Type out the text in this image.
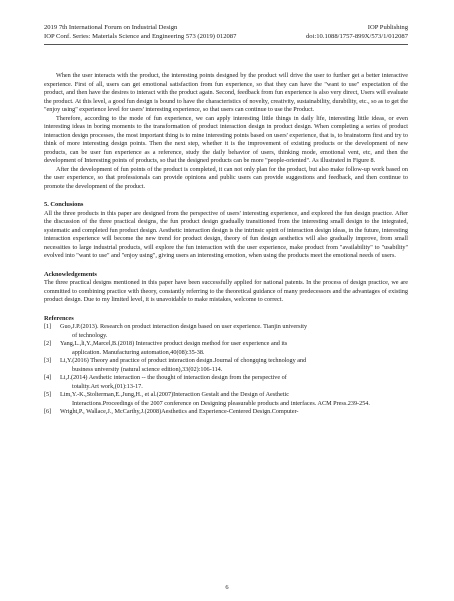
2019 7th International Forum on Industrial Design	IOP Publishing
IOP Conf. Series: Materials Science and Engineering 573 (2019) 012087	doi:10.1088/1757-899X/573/1/012087

When the user interacts with the product, the interesting points designed by the product will drive the user to further get a better interactive experience. First of all, users can get emotional satisfaction from fun experience, so that they can have the "want to use" expectation of the product, and then have the desires to interact with the product again. Second, feedback from fun experience is also very direct, Users will evaluate the product. At this level, a good fun design is bound to have the characteristics of novelty, creativity, sustainability, durability, etc., so as to get the "enjoy using" experience level for users' interesting experience, so that users can continue to use the Product.

Therefore, according to the mode of fun experience, we can apply interesting little things in daily life, interesting little ideas, or even interesting ideas in boring moments to the transformation of product interaction design in product design. When completing a series of product interaction design processes, the most important thing is to mine interesting points based on users' experience, that is, to brainstorm first and try to think of more interesting design points. Then the next step, whether it is the improvement of existing products or the development of new products, can be user fun experience as a reference, study the daily behavior of users, thinking mode, emotional vent, etc, and then the development of Interesting points of products, so that the designed products can be more "people-oriented". As illustrated in Figure 8.

After the development of fun points of the product is completed, it can not only plan for the product, but also make follow-up work based on the user experience, so that professionals can provide opinions and public users can provide suggestions and feedback, and then continue to promote the development of the product.

5. Conclusions

All the three products in this paper are designed from the perspective of users' interesting experience, and explored the fun design practice. After the discussion of the three practical designs, the fun product design gradually transitioned from the interesting small design to the integrated, systematic and completed fun product design. Aesthetic interaction design is the intrinsic spirit of interaction design ideas, in the future, interesting interaction experience will become the new trend for product design, theory of fun design aesthetics will also gradually improve, from small necessities to large industrial products, will explore the fun interaction with the user experience, make product from "availability" to "usability" evolved into "want to use" and "enjoy using", giving users an interesting emotion, when using the products meet the emotional needs of users.

Acknowledgements

The three practical designs mentioned in this paper have been successfully applied for national patents. In the process of design practice, we are committed to combining practice with theory, constantly referring to the theoretical guidance of many predecessors and the advantages of existing product design. Due to my limited level, it is unavoidable to make mistakes, welcome to correct.

References
[1]	Guo,J.P.(2013). Research on product interaction design based on user experience. Tianjin university
of technology.
[2]	Yang,L.,li,Y.,Marcel,B.(2018) Interactive product design method for user experience and its
application. Manufacturing automation,40(08):35-38.
[3]	Li,Y.(2016) Theory and practice of product interaction design.Journal of chongqing technology and
business university (natural science edition),33(02):106-114.
[4]	Li,J.(2014) Aesthetic interaction -- the thought of interaction design from the perspective of
totality.Art work,(01):13-17.
[5]	Lim,Y.-K.,Stolterman,E.,Jung,H., et al.(2007)Interaction Gestalt and the Design of Aesthetic
Interactions.Proceedings of the 2007 conference on Designing pleasurable products and interfaces. ACM Press.239-254.
[6]	Wright,P., Wallace,J., McCarthy,J.(2008)Aesthetics and Experience-Centered Design.Computer-
6
